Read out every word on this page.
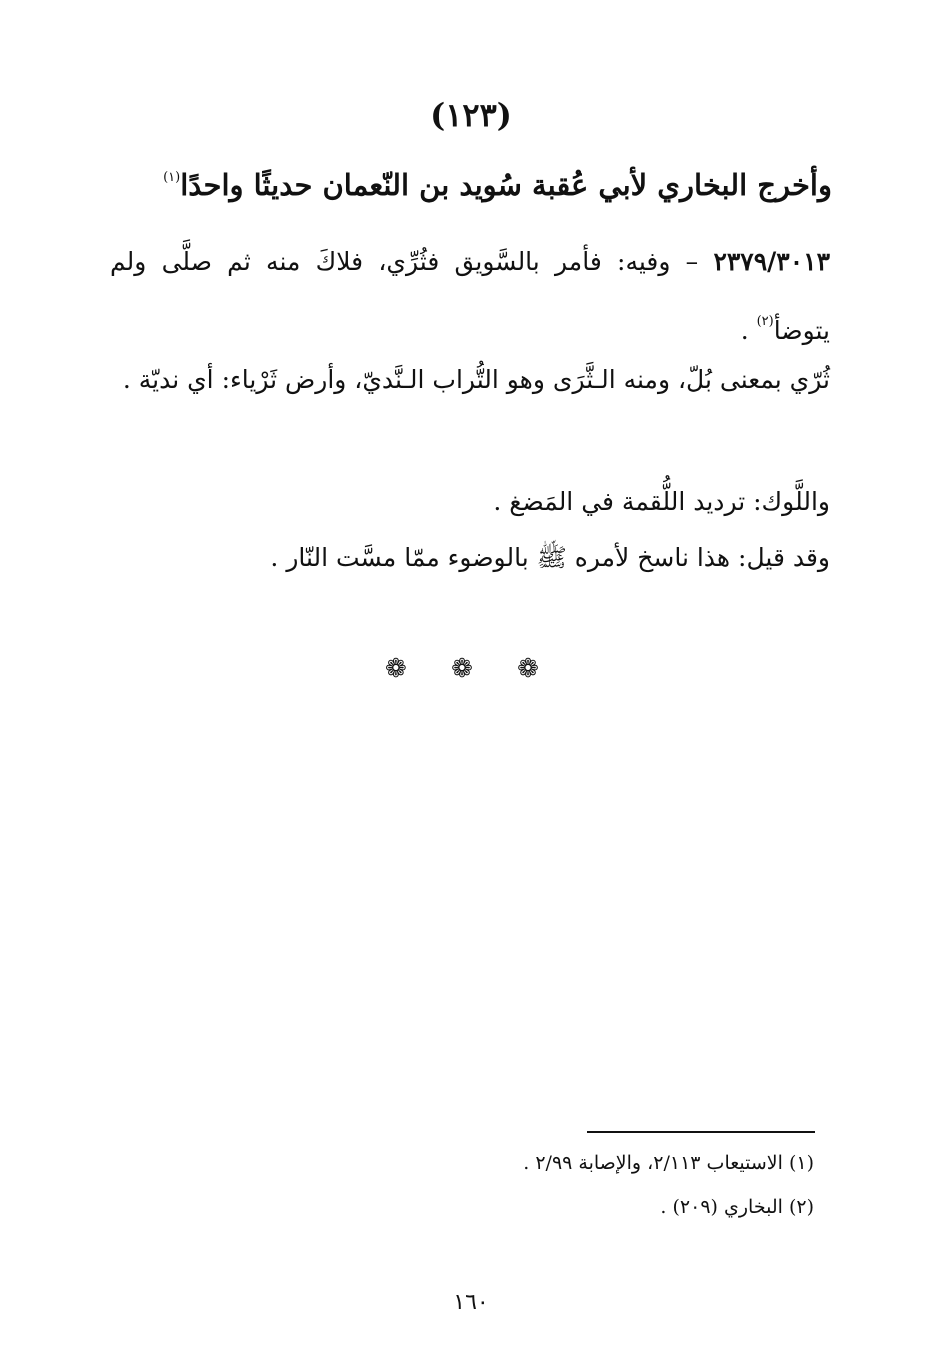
(١٢٣)
وأخرج البخاري لأبي عُقبة سُويد بن النّعمان حديثًا واحدًا$^{(١)}$
٢٣٧٩/٣٠١٣ – وفيه: فأمر بالسَّويق فثُرِّي، فلاكَ منه ثم صلَّى ولم يتوضأ$^{(٢)}$ .
ثُرّي بمعنى بُلّ، ومنه الـثَّرَى وهو التُّراب الـنَّديّ، وأرض ثَرْياء: أي نديّة .
واللَّوك: ترديد اللُّقمة في المَضغ .
وقد قيل: هذا ناسخ لأمره ﷺ بالوضوء ممّا مسَّت النّار .
❁ ❁ ❁
(١) الاستيعاب ٢/١١٣، والإصابة ٢/٩٩ .
(٢) البخاري (٢٠٩) .
١٦٠
